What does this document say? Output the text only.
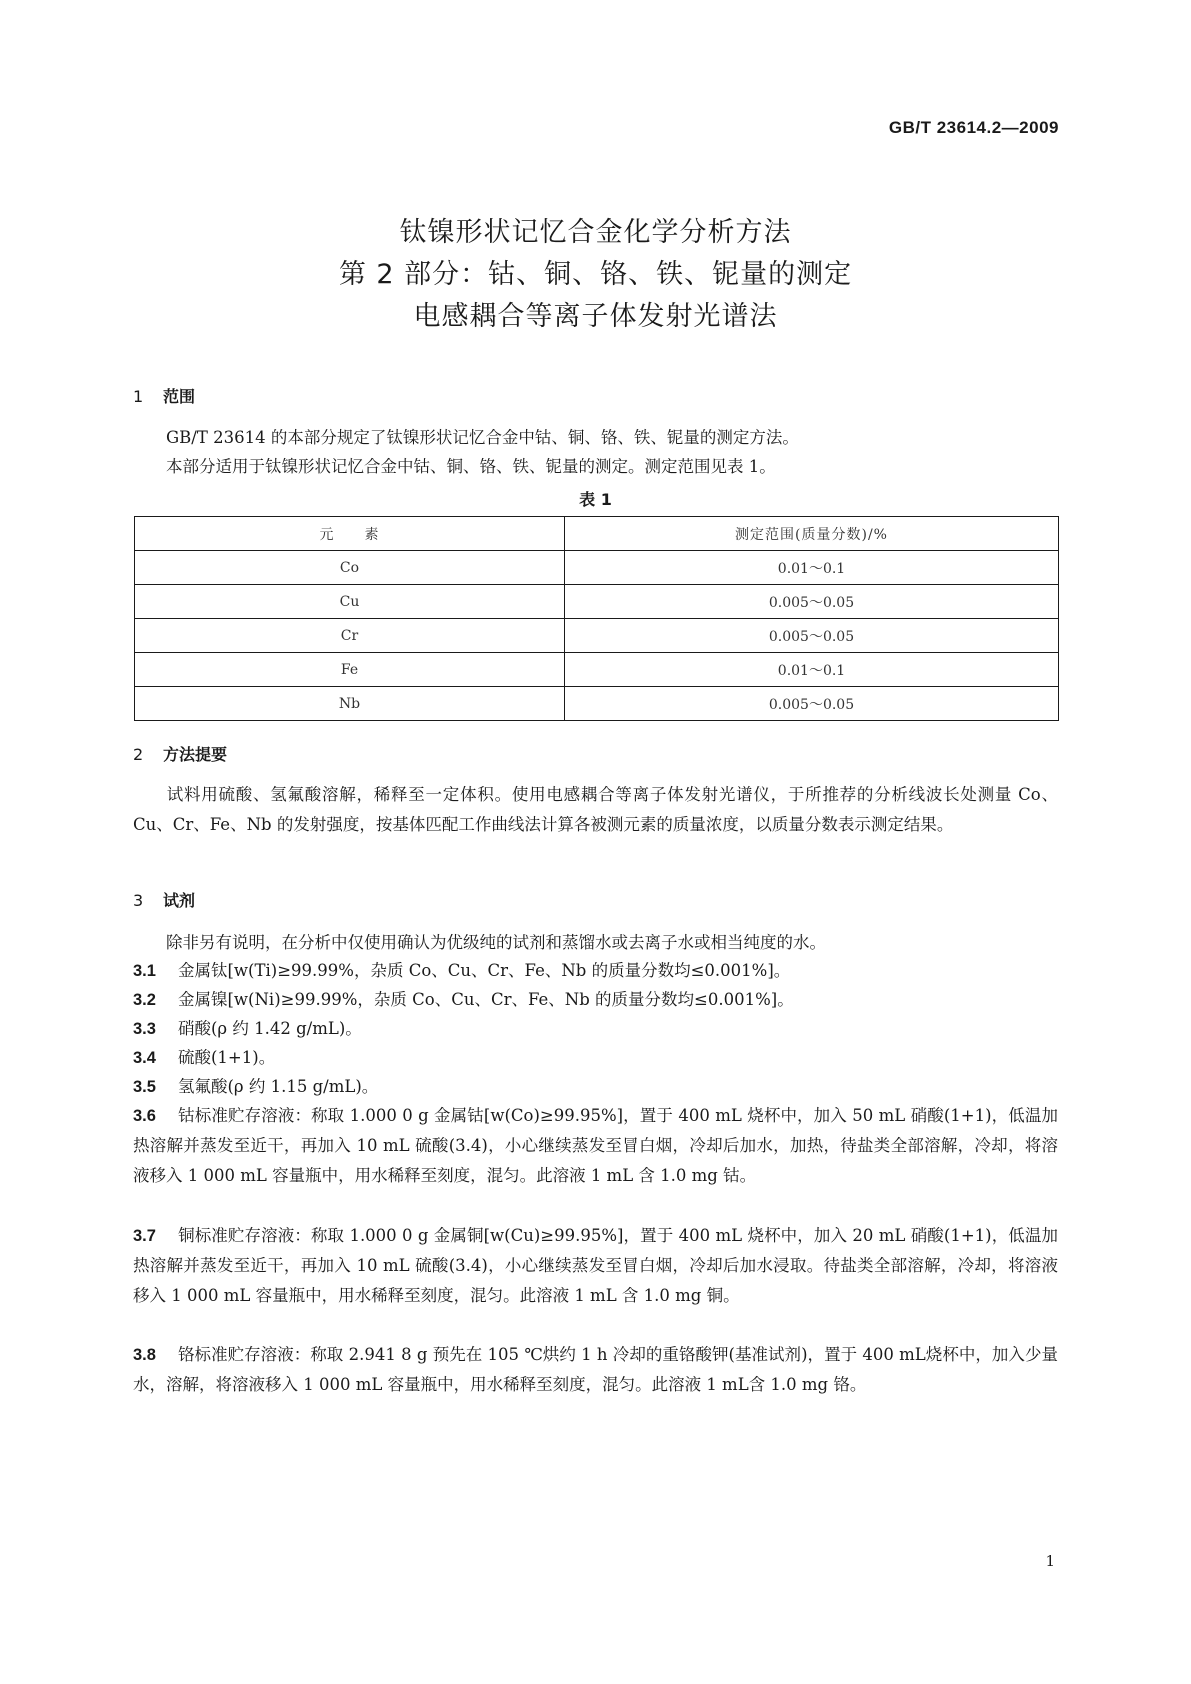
GB/T 23614.2—2009
钛镍形状记忆合金化学分析方法
第 2 部分：钴、铜、铬、铁、铌量的测定
电感耦合等离子体发射光谱法
1 范围
GB/T 23614 的本部分规定了钛镍形状记忆合金中钴、铜、铬、铁、铌量的测定方法。
本部分适用于钛镍形状记忆合金中钴、铜、铬、铁、铌量的测定。测定范围见表 1。
表 1
元　　素	测定范围(质量分数)/%
Co	0.01～0.1
Cu	0.005～0.05
Cr	0.005～0.05
Fe	0.01～0.1
Nb	0.005～0.05
2 方法提要
试料用硫酸、氢氟酸溶解，稀释至一定体积。使用电感耦合等离子体发射光谱仪，于所推荐的分析线波长处测量 Co、Cu、Cr、Fe、Nb 的发射强度，按基体匹配工作曲线法计算各被测元素的质量浓度，以质量分数表示测定结果。
3 试剂
除非另有说明，在分析中仅使用确认为优级纯的试剂和蒸馏水或去离子水或相当纯度的水。
3.1 金属钛[w(Ti)≥99.99%，杂质 Co、Cu、Cr、Fe、Nb 的质量分数均≤0.001%]。
3.2 金属镍[w(Ni)≥99.99%，杂质 Co、Cu、Cr、Fe、Nb 的质量分数均≤0.001%]。
3.3 硝酸(ρ 约 1.42 g/mL)。
3.4 硫酸(1+1)。
3.5 氢氟酸(ρ 约 1.15 g/mL)。
3.6 钴标准贮存溶液：称取 1.000 0 g 金属钴[w(Co)≥99.95%]，置于 400 mL 烧杯中，加入 50 mL 硝酸(1+1)，低温加热溶解并蒸发至近干，再加入 10 mL 硫酸(3.4)，小心继续蒸发至冒白烟，冷却后加水，加热，待盐类全部溶解，冷却，将溶液移入 1 000 mL 容量瓶中，用水稀释至刻度，混匀。此溶液 1 mL 含 1.0 mg 钴。
3.7 铜标准贮存溶液：称取 1.000 0 g 金属铜[w(Cu)≥99.95%]，置于 400 mL 烧杯中，加入 20 mL 硝酸(1+1)，低温加热溶解并蒸发至近干，再加入 10 mL 硫酸(3.4)，小心继续蒸发至冒白烟，冷却后加水浸取。待盐类全部溶解，冷却，将溶液移入 1 000 mL 容量瓶中，用水稀释至刻度，混匀。此溶液 1 mL 含 1.0 mg 铜。
3.8 铬标准贮存溶液：称取 2.941 8 g 预先在 105 ℃烘约 1 h 冷却的重铬酸钾(基准试剂)，置于 400 mL烧杯中，加入少量水，溶解，将溶液移入 1 000 mL 容量瓶中，用水稀释至刻度，混匀。此溶液 1 mL含 1.0 mg 铬。
1
